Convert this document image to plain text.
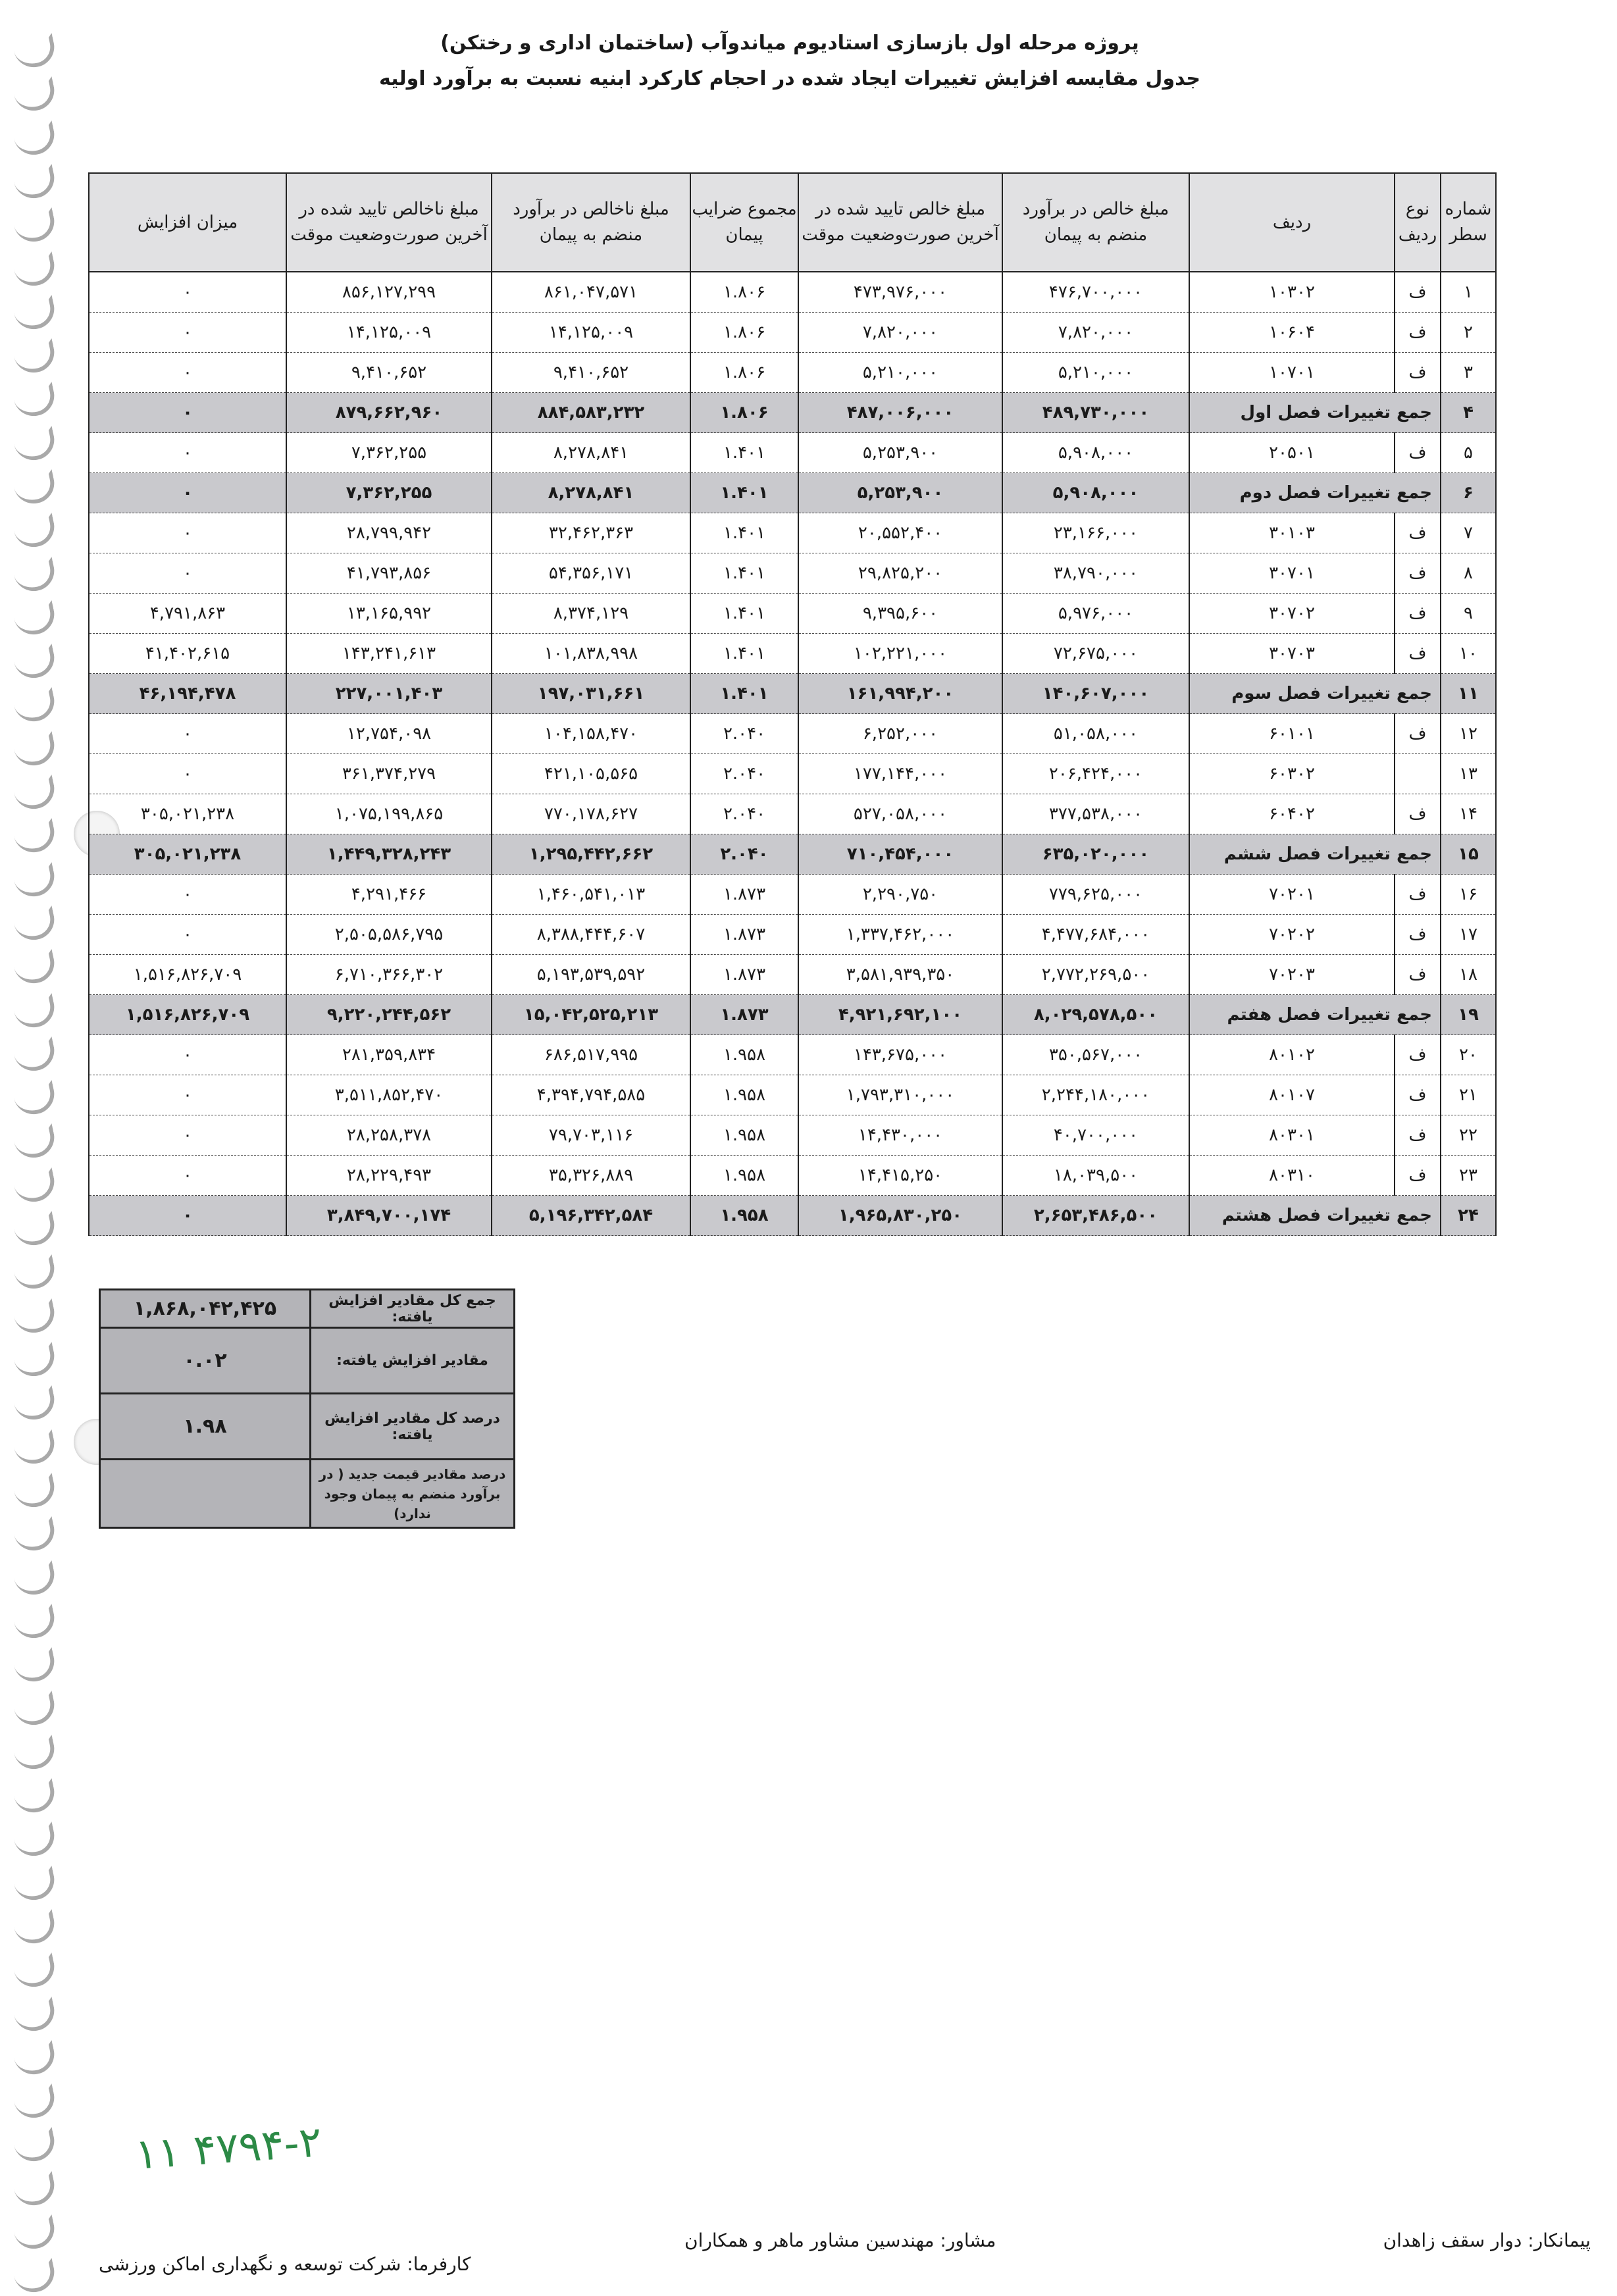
پروژه مرحله اول بازسازی استادیوم میاندوآب (ساختمان اداری و رختکن)
جدول مقایسه افزایش تغییرات ایجاد شده در احجام کارکرد ابنیه نسبت به برآورد اولیه
شماره سطر	نوع ردیف	ردیف	مبلغ خالص در برآورد منضم به پیمان	مبلغ خالص تایید شده در آخرین صورت‌وضعیت موقت	مجموع ضرایب پیمان	مبلغ ناخالص در برآورد منضم به پیمان	مبلغ ناخالص تایید شده در آخرین صورت‌وضعیت موقت	میزان افزایش
۱	ف	۱۰۳۰۲	۴۷۶,۷۰۰,۰۰۰	۴۷۳,۹۷۶,۰۰۰	۱.۸۰۶	۸۶۱,۰۴۷,۵۷۱	۸۵۶,۱۲۷,۲۹۹	۰
۲	ف	۱۰۶۰۴	۷,۸۲۰,۰۰۰	۷,۸۲۰,۰۰۰	۱.۸۰۶	۱۴,۱۲۵,۰۰۹	۱۴,۱۲۵,۰۰۹	۰
۳	ف	۱۰۷۰۱	۵,۲۱۰,۰۰۰	۵,۲۱۰,۰۰۰	۱.۸۰۶	۹,۴۱۰,۶۵۲	۹,۴۱۰,۶۵۲	۰
۴	جمع تغییرات فصل اول		۴۸۹,۷۳۰,۰۰۰	۴۸۷,۰۰۶,۰۰۰	۱.۸۰۶	۸۸۴,۵۸۳,۲۳۲	۸۷۹,۶۶۲,۹۶۰	۰
۵	ف	۲۰۵۰۱	۵,۹۰۸,۰۰۰	۵,۲۵۳,۹۰۰	۱.۴۰۱	۸,۲۷۸,۸۴۱	۷,۳۶۲,۲۵۵	۰
۶	جمع تغییرات فصل دوم		۵,۹۰۸,۰۰۰	۵,۲۵۳,۹۰۰	۱.۴۰۱	۸,۲۷۸,۸۴۱	۷,۳۶۲,۲۵۵	۰
۷	ف	۳۰۱۰۳	۲۳,۱۶۶,۰۰۰	۲۰,۵۵۲,۴۰۰	۱.۴۰۱	۳۲,۴۶۲,۳۶۳	۲۸,۷۹۹,۹۴۲	۰
۸	ف	۳۰۷۰۱	۳۸,۷۹۰,۰۰۰	۲۹,۸۲۵,۲۰۰	۱.۴۰۱	۵۴,۳۵۶,۱۷۱	۴۱,۷۹۳,۸۵۶	۰
۹	ف	۳۰۷۰۲	۵,۹۷۶,۰۰۰	۹,۳۹۵,۶۰۰	۱.۴۰۱	۸,۳۷۴,۱۲۹	۱۳,۱۶۵,۹۹۲	۴,۷۹۱,۸۶۳
۱۰	ف	۳۰۷۰۳	۷۲,۶۷۵,۰۰۰	۱۰۲,۲۲۱,۰۰۰	۱.۴۰۱	۱۰۱,۸۳۸,۹۹۸	۱۴۳,۲۴۱,۶۱۳	۴۱,۴۰۲,۶۱۵
۱۱	جمع تغییرات فصل سوم		۱۴۰,۶۰۷,۰۰۰	۱۶۱,۹۹۴,۲۰۰	۱.۴۰۱	۱۹۷,۰۳۱,۶۶۱	۲۲۷,۰۰۱,۴۰۳	۴۶,۱۹۴,۴۷۸
۱۲	ف	۶۰۱۰۱	۵۱,۰۵۸,۰۰۰	۶,۲۵۲,۰۰۰	۲.۰۴۰	۱۰۴,۱۵۸,۴۷۰	۱۲,۷۵۴,۰۹۸	۰
۱۳		۶۰۳۰۲	۲۰۶,۴۲۴,۰۰۰	۱۷۷,۱۴۴,۰۰۰	۲.۰۴۰	۴۲۱,۱۰۵,۵۶۵	۳۶۱,۳۷۴,۲۷۹	۰
۱۴	ف	۶۰۴۰۲	۳۷۷,۵۳۸,۰۰۰	۵۲۷,۰۵۸,۰۰۰	۲.۰۴۰	۷۷۰,۱۷۸,۶۲۷	۱,۰۷۵,۱۹۹,۸۶۵	۳۰۵,۰۲۱,۲۳۸
۱۵	جمع تغییرات فصل ششم		۶۳۵,۰۲۰,۰۰۰	۷۱۰,۴۵۴,۰۰۰	۲.۰۴۰	۱,۲۹۵,۴۴۲,۶۶۲	۱,۴۴۹,۳۲۸,۲۴۳	۳۰۵,۰۲۱,۲۳۸
۱۶	ف	۷۰۲۰۱	۷۷۹,۶۲۵,۰۰۰	۲,۲۹۰,۷۵۰	۱.۸۷۳	۱,۴۶۰,۵۴۱,۰۱۳	۴,۲۹۱,۴۶۶	۰
۱۷	ف	۷۰۲۰۲	۴,۴۷۷,۶۸۴,۰۰۰	۱,۳۳۷,۴۶۲,۰۰۰	۱.۸۷۳	۸,۳۸۸,۴۴۴,۶۰۷	۲,۵۰۵,۵۸۶,۷۹۵	۰
۱۸	ف	۷۰۲۰۳	۲,۷۷۲,۲۶۹,۵۰۰	۳,۵۸۱,۹۳۹,۳۵۰	۱.۸۷۳	۵,۱۹۳,۵۳۹,۵۹۲	۶,۷۱۰,۳۶۶,۳۰۲	۱,۵۱۶,۸۲۶,۷۰۹
۱۹	جمع تغییرات فصل هفتم		۸,۰۲۹,۵۷۸,۵۰۰	۴,۹۲۱,۶۹۲,۱۰۰	۱.۸۷۳	۱۵,۰۴۲,۵۲۵,۲۱۳	۹,۲۲۰,۲۴۴,۵۶۲	۱,۵۱۶,۸۲۶,۷۰۹
۲۰	ف	۸۰۱۰۲	۳۵۰,۵۶۷,۰۰۰	۱۴۳,۶۷۵,۰۰۰	۱.۹۵۸	۶۸۶,۵۱۷,۹۹۵	۲۸۱,۳۵۹,۸۳۴	۰
۲۱	ف	۸۰۱۰۷	۲,۲۴۴,۱۸۰,۰۰۰	۱,۷۹۳,۳۱۰,۰۰۰	۱.۹۵۸	۴,۳۹۴,۷۹۴,۵۸۵	۳,۵۱۱,۸۵۲,۴۷۰	۰
۲۲	ف	۸۰۳۰۱	۴۰,۷۰۰,۰۰۰	۱۴,۴۳۰,۰۰۰	۱.۹۵۸	۷۹,۷۰۳,۱۱۶	۲۸,۲۵۸,۳۷۸	۰
۲۳	ف	۸۰۳۱۰	۱۸,۰۳۹,۵۰۰	۱۴,۴۱۵,۲۵۰	۱.۹۵۸	۳۵,۳۲۶,۸۸۹	۲۸,۲۲۹,۴۹۳	۰
۲۴	جمع تغییرات فصل هشتم		۲,۶۵۳,۴۸۶,۵۰۰	۱,۹۶۵,۸۳۰,۲۵۰	۱.۹۵۸	۵,۱۹۶,۳۴۲,۵۸۴	۳,۸۴۹,۷۰۰,۱۷۴	۰
جمع کل مقادیر افزایش یافته:	۱,۸۶۸,۰۴۲,۴۲۵
مقادیر افزایش یافته:	۰.۰۲
درصد کل مقادیر افزایش یافته:	۱.۹۸
درصد مقادیر قیمت جدید ( در برآورد منضم به پیمان وجود ندارد)	
۱۱ ۴۷۹۴-۲
پیمانکار: دوار سقف زاهدان
مشاور: مهندسین مشاور ماهر و همکاران
کارفرما: شرکت توسعه و نگهداری اماکن ورزشی
